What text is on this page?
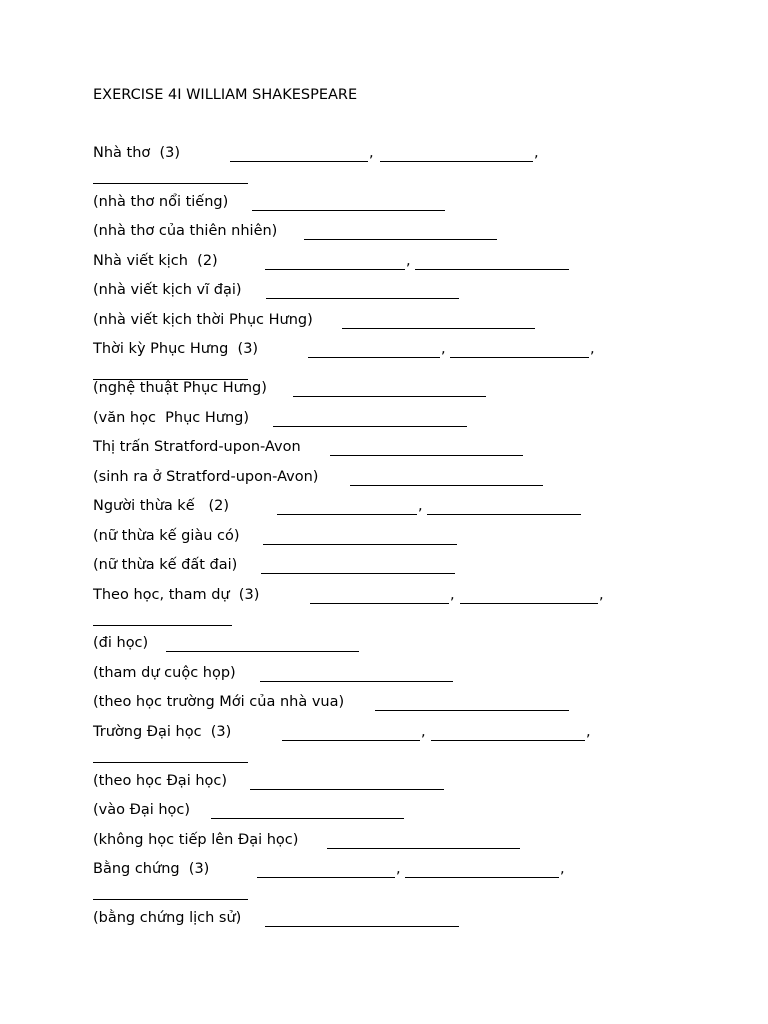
EXERCISE 4I WILLIAM SHAKESPEARE
Nhà thơ  (3)	,	,
(nhà thơ nổi tiếng)
(nhà thơ của thiên nhiên)
Nhà viết kịch  (2)	,
(nhà viết kịch vĩ đại)
(nhà viết kịch thời Phục Hưng)
Thời kỳ Phục Hưng  (3)	,	,
(nghệ thuật Phục Hưng)
(văn học  Phục Hưng)
Thị trấn Stratford-upon-Avon
(sinh ra ở Stratford-upon-Avon)
Người thừa kế   (2)	,
(nữ thừa kế giàu có)
(nữ thừa kế đất đai)
Theo học, tham dự  (3)	,	,
(đi học)
(tham dự cuộc họp)
(theo học trường Mới của nhà vua)
Trường Đại học  (3)	,	,
(theo học Đại học)
(vào Đại học)
(không học tiếp lên Đại học)
Bằng chứng  (3)	,	,
(bằng chứng lịch sử)
